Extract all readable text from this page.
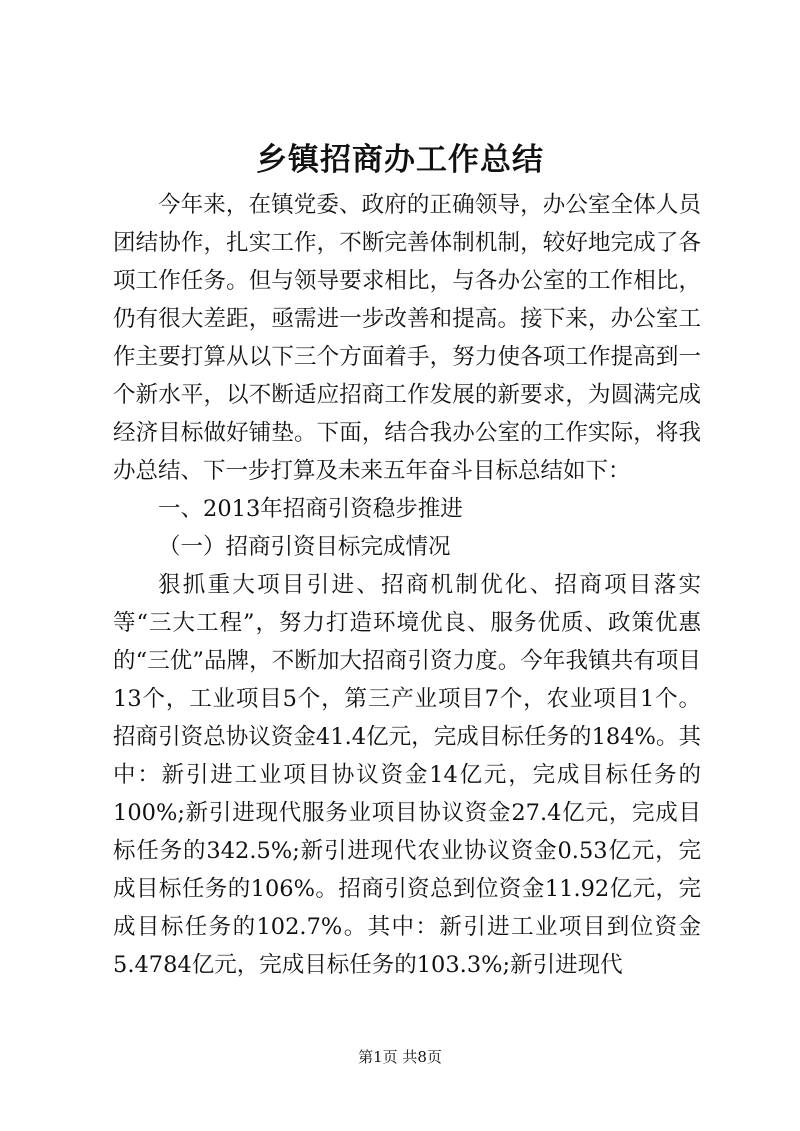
乡镇招商办工作总结

今年来，在镇党委、政府的正确领导，办公室全体人员团结协作，扎实工作，不断完善体制机制，较好地完成了各项工作任务。但与领导要求相比，与各办公室的工作相比，仍有很大差距，亟需进一步改善和提高。接下来，办公室工作主要打算从以下三个方面着手，努力使各项工作提高到一个新水平，以不断适应招商工作发展的新要求，为圆满完成经济目标做好铺垫。下面，结合我办公室的工作实际，将我办总结、下一步打算及未来五年奋斗目标总结如下：

一、2013年招商引资稳步推进

（一）招商引资目标完成情况

狠抓重大项目引进、招商机制优化、招商项目落实等“三大工程”，努力打造环境优良、服务优质、政策优惠的“三优”品牌，不断加大招商引资力度。今年我镇共有项目13个，工业项目5个，第三产业项目7个，农业项目1个。招商引资总协议资金41.4亿元，完成目标任务的184%。其中：新引进工业项目协议资金14亿元，完成目标任务的100%;新引进现代服务业项目协议资金27.4亿元，完成目标任务的342.5%;新引进现代农业协议资金0.53亿元，完成目标任务的106%。招商引资总到位资金11.92亿元，完成目标任务的102.7%。其中：新引进工业项目到位资金5.4784亿元，完成目标任务的103.3%;新引进现代

第1页 共8页
